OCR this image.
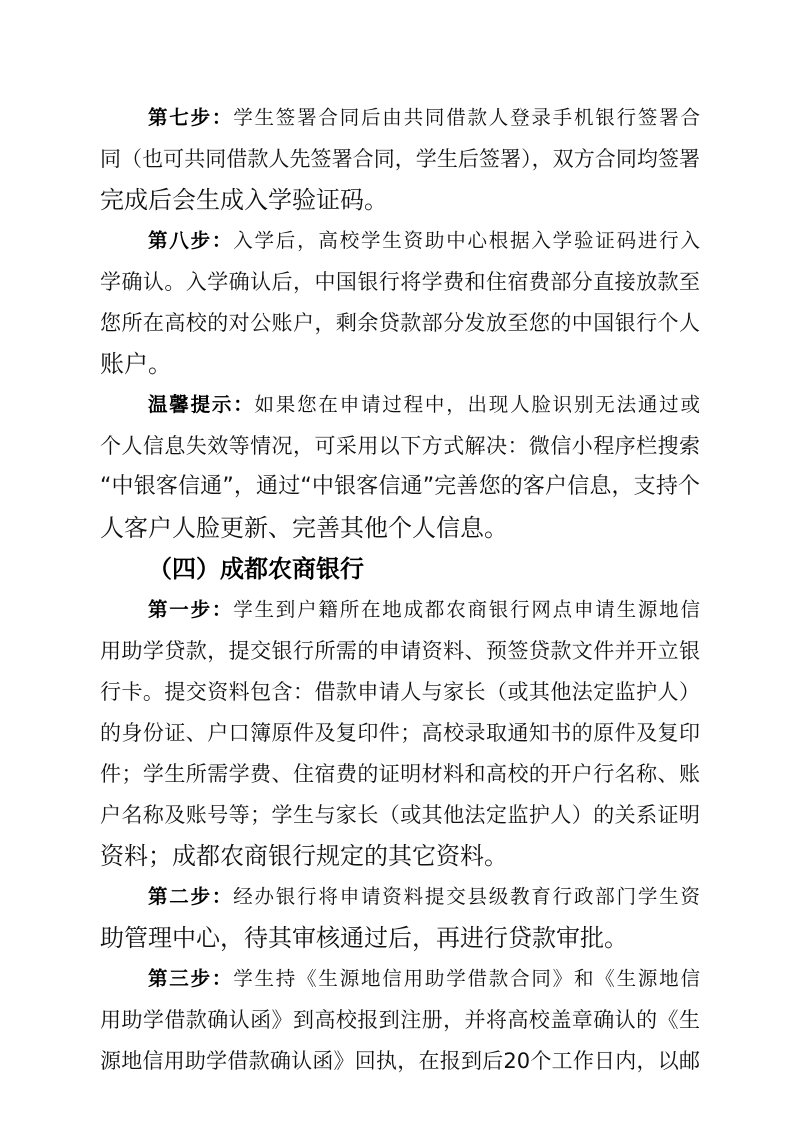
第七步：学生签署合同后由共同借款人登录手机银行签署合
同（也可共同借款人先签署合同，学生后签署），双方合同均签署
完成后会生成入学验证码。
第八步：入学后，高校学生资助中心根据入学验证码进行入
学确认。入学确认后，中国银行将学费和住宿费部分直接放款至
您所在高校的对公账户，剩余贷款部分发放至您的中国银行个人
账户。
温馨提示：如果您在申请过程中，出现人脸识别无法通过或
个人信息失效等情况，可采用以下方式解决：微信小程序栏搜索
“中银客信通”，通过“中银客信通”完善您的客户信息，支持个
人客户人脸更新、完善其他个人信息。
（四）成都农商银行
第一步：学生到户籍所在地成都农商银行网点申请生源地信
用助学贷款，提交银行所需的申请资料、预签贷款文件并开立银
行卡。提交资料包含：借款申请人与家长（或其他法定监护人）
的身份证、户口簿原件及复印件；高校录取通知书的原件及复印
件；学生所需学费、住宿费的证明材料和高校的开户行名称、账
户名称及账号等；学生与家长（或其他法定监护人）的关系证明
资料；成都农商银行规定的其它资料。
第二步：经办银行将申请资料提交县级教育行政部门学生资
助管理中心，待其审核通过后，再进行贷款审批。
第三步：学生持《生源地信用助学借款合同》和《生源地信
用助学借款确认函》到高校报到注册，并将高校盖章确认的《生
源地信用助学借款确认函》回执，在报到后20个工作日内，以邮
